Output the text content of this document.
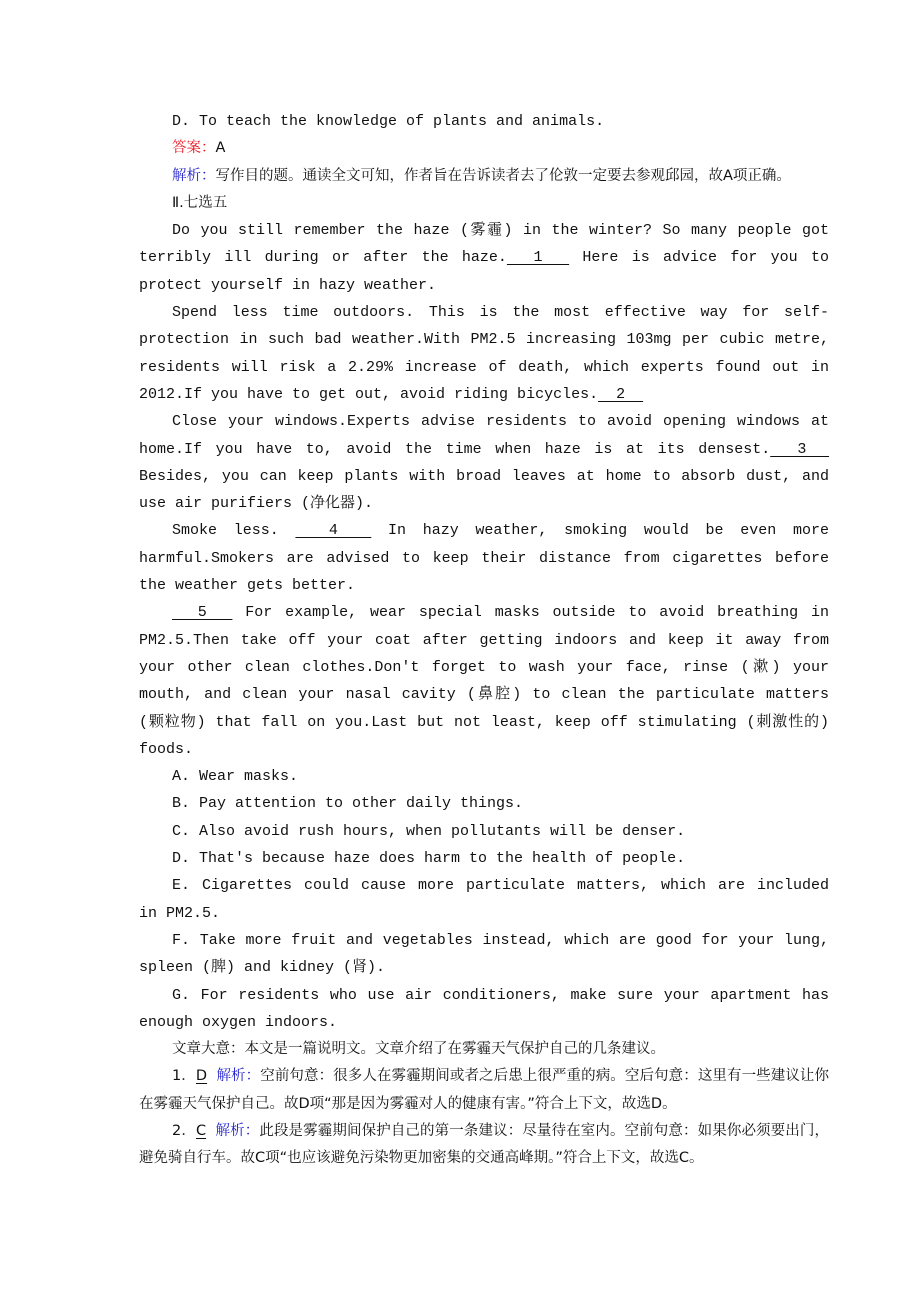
D. To teach the knowledge of plants and animals.

答案：A

解析：写作目的题。通读全文可知，作者旨在告诉读者去了伦敦一定要去参观邱园，故A项正确。

Ⅱ.七选五

Do you still remember the haze (雾霾) in the winter? So many people got terribly ill during or after the haze.  1   Here is advice for you to protect yourself in hazy weather.

Spend less time outdoors. This is the most effective way for self-protection in such bad weather.With PM2.5 increasing 103mg per cubic metre, residents will risk a 2.29% increase of death, which experts found out in 2012.If you have to get out, avoid riding bicycles.  2

Close your windows.Experts advise residents to avoid opening windows at home.If you have to, avoid the time when haze is at its densest.  3   Besides, you can keep plants with broad leaves at home to absorb dust, and use air purifiers (净化器).

Smoke less.   4   In hazy weather, smoking would be even more harmful.Smokers are advised to keep their distance from cigarettes before the weather gets better.

5   For example, wear special masks outside to avoid breathing in PM2.5.Then take off your coat after getting indoors and keep it away from your other clean clothes.Don't forget to wash your face, rinse (漱) your mouth, and clean your nasal cavity (鼻腔) to clean the particulate matters (颗粒物) that fall on you.Last but not least, keep off stimulating (刺激性的) foods.

A. Wear masks.

B. Pay attention to other daily things.

C. Also avoid rush hours, when pollutants will be denser.

D. That's because haze does harm to the health of people.

E. Cigarettes could cause more particulate matters, which are included in PM2.5.

F. Take more fruit and vegetables instead, which are good for your lung, spleen (脾) and kidney (肾).

G. For residents who use air conditioners, make sure your apartment has enough oxygen indoors.

文章大意：本文是一篇说明文。文章介绍了在雾霾天气保护自己的几条建议。

1．D 解析：空前句意：很多人在雾霾期间或者之后患上很严重的病。空后句意：这里有一些建议让你在雾霾天气保护自己。故D项“那是因为雾霾对人的健康有害。”符合上下文，故选D。

2．C 解析：此段是雾霾期间保护自己的第一条建议：尽量待在室内。空前句意：如果你必须要出门，避免骑自行车。故C项“也应该避免污染物更加密集的交通高峰期。”符合上下文，故选C。
